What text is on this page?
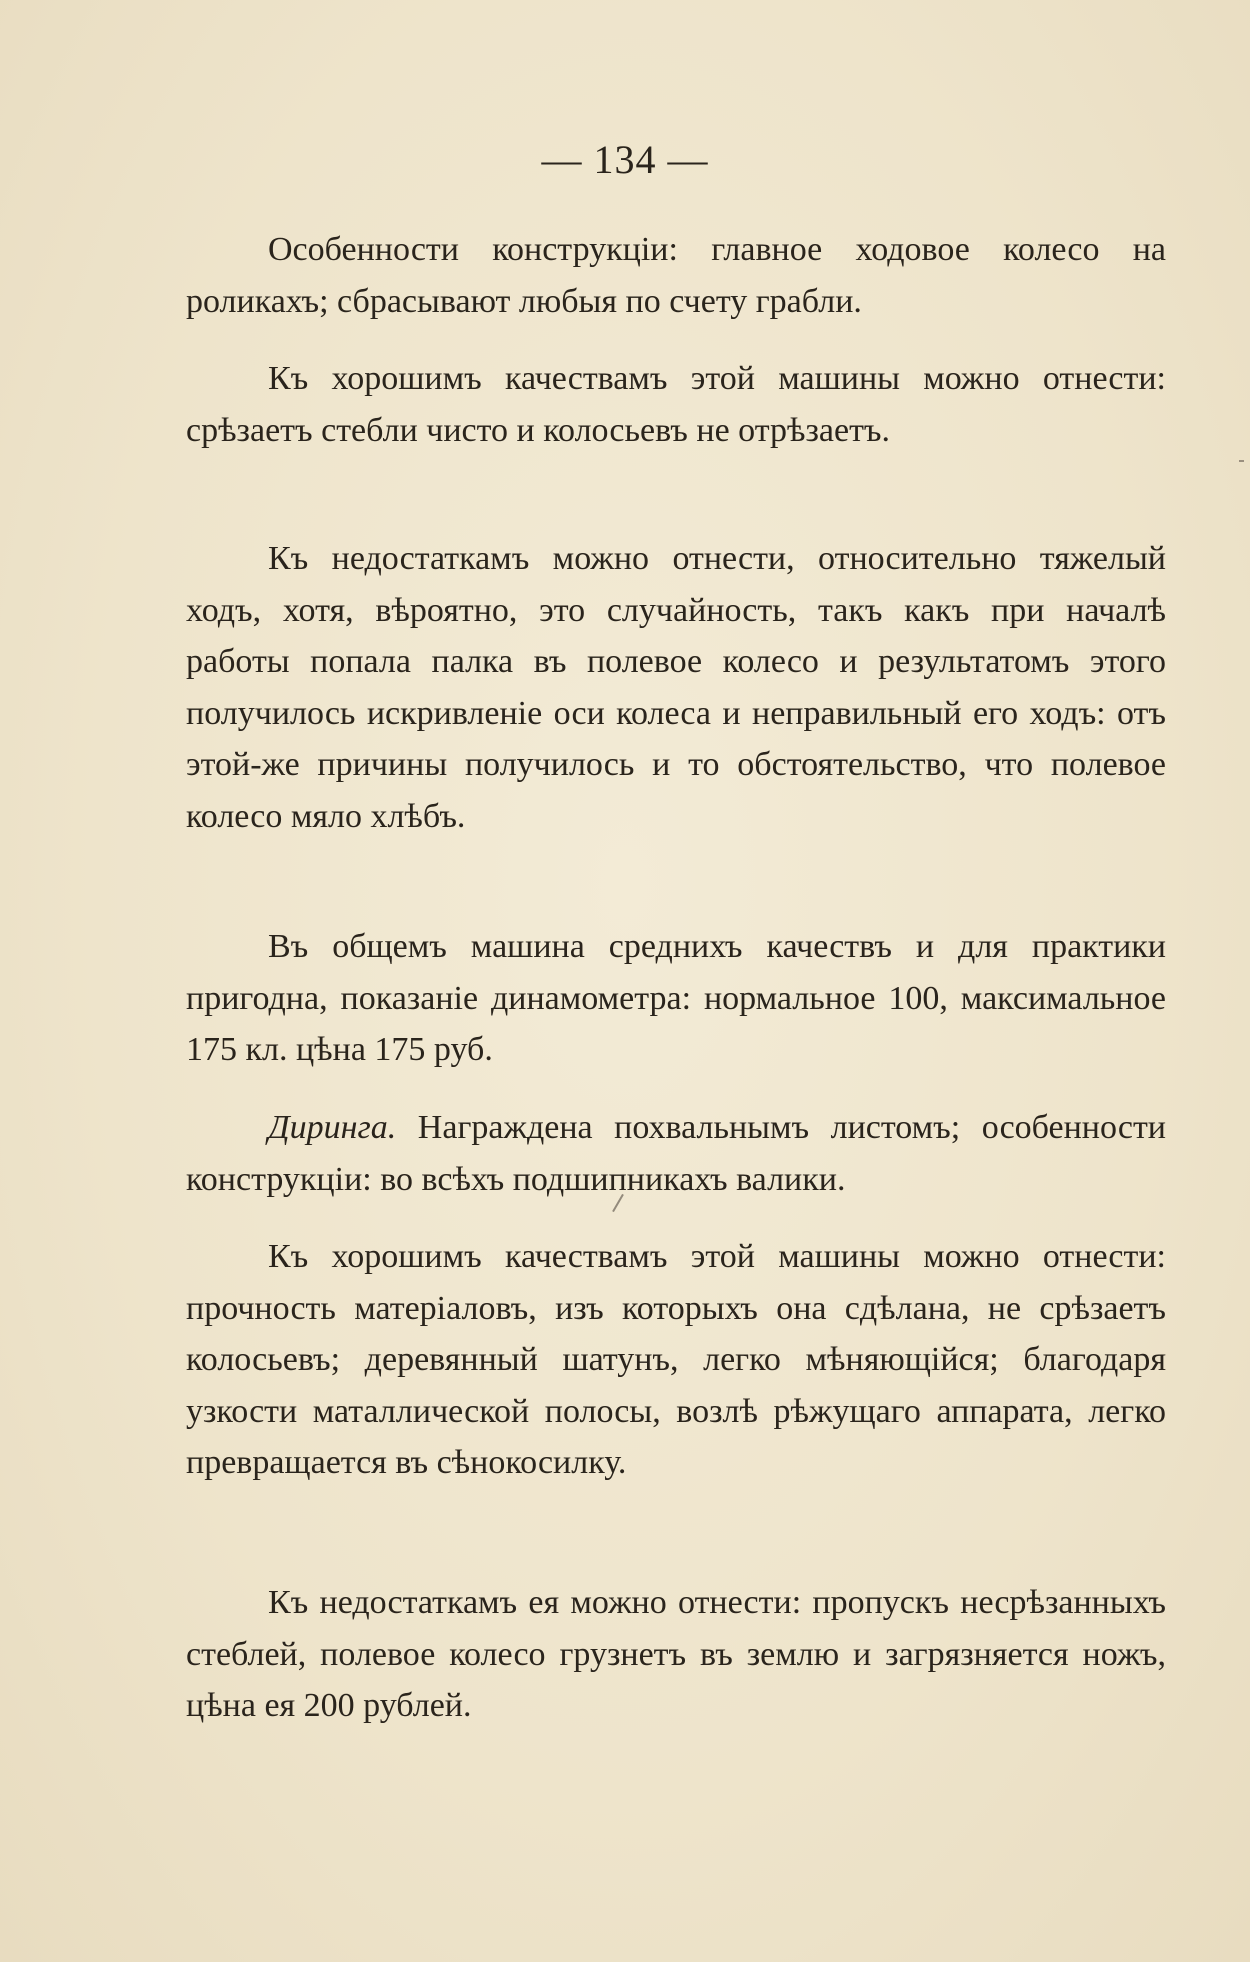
— 134 —

Особенности конструкціи: главное ходовое колесо на роликахъ; сбрасывают любыя по счету грабли.

Къ хорошимъ качествамъ этой машины можно отнести: срѣзаетъ стебли чисто и колосьевъ не отрѣзаетъ.

Къ недостаткамъ можно отнести, относительно тяжелый ходъ, хотя, вѣроятно, это случайность, такъ какъ при началѣ работы попала палка въ полевое колесо и результатомъ этого получилось искривленіе оси колеса и неправильный его ходъ: отъ этой-же причины получилось и то обстоятельство, что полевое колесо мяло хлѣбъ.

Въ общемъ машина среднихъ качествъ и для практики пригодна, показаніе динамометра: нормальное 100, максимальное 175 кл. цѣна 175 руб.

Диринга. Награждена похвальнымъ листомъ; особенности конструкціи: во всѣхъ подшипникахъ валики.

Къ хорошимъ качествамъ этой машины можно отнести: прочность матеріаловъ, изъ которыхъ она сдѣлана, не срѣзаетъ колосьевъ; деревянный шатунъ, легко мѣняющійся; благодаря узкости маталлической полосы, возлѣ рѣжущаго аппарата, легко превращается въ сѣнокосилку.

Къ недостаткамъ ея можно отнести: пропускъ несрѣзанныхъ стеблей, полевое колесо грузнетъ въ землю и загрязняется ножъ, цѣна ея 200 рублей.
